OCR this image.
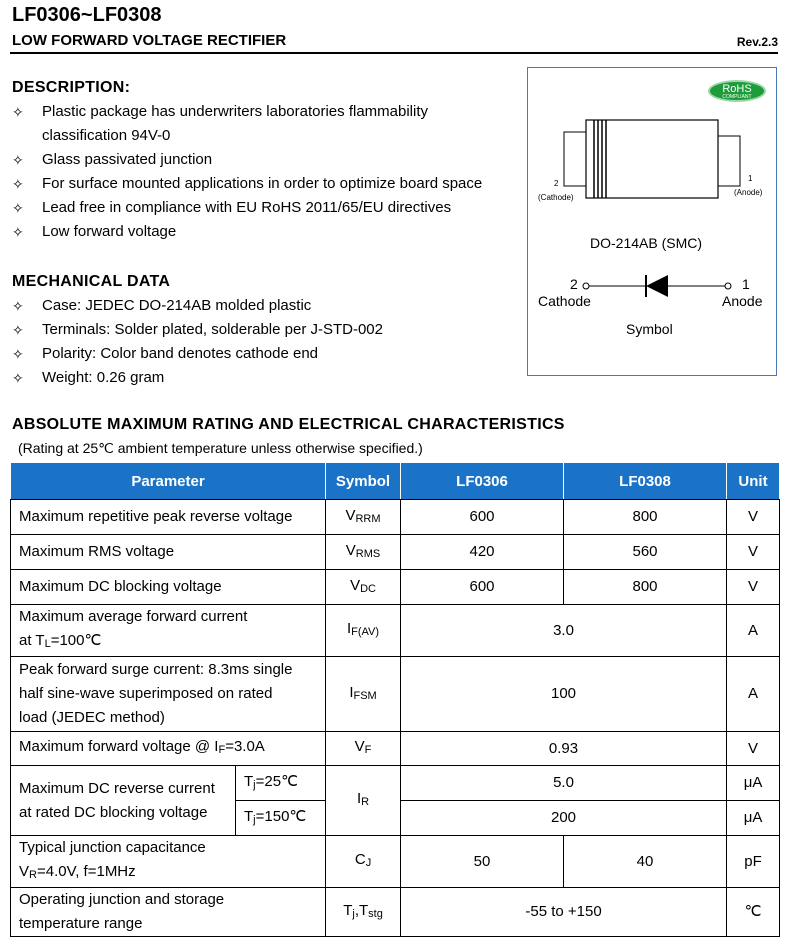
LF0306~LF0308
LOW FORWARD VOLTAGE RECTIFIER	Rev.2.3
DESCRIPTION:
✧ Plastic package has underwriters laboratories flammability
classification 94V-0
✧ Glass passivated junction
✧ For surface mounted applications in order to optimize board space
✧ Lead free in compliance with EU RoHS 2011/65/EU directives
✧ Low forward voltage
MECHANICAL DATA
✧ Case: JEDEC DO-214AB molded plastic
✧ Terminals: Solder plated, solderable per J-STD-002
✧ Polarity: Color band denotes cathode end
✧ Weight: 0.26 gram
RoHS
COMPLIANT
2
(Cathode)
1
(Anode)
DO-214AB (SMC)
2	1
Cathode	Anode
Symbol
ABSOLUTE MAXIMUM RATING AND ELECTRICAL CHARACTERISTICS
(Rating at 25℃ ambient temperature unless otherwise specified.)
Parameter		Symbol	LF0306	LF0308	Unit
Maximum repetitive peak reverse voltage		VRRM	600	800	V
Maximum RMS voltage		VRMS	420	560	V
Maximum DC blocking voltage		VDC	600	800	V

Maximum average forward current
at TL=100℃		IF(AV)	3.0		A

Peak forward surge current: 8.3ms single
half sine-wave superimposed on rated
load (JEDEC method)		IFSM	100		A
Maximum forward voltage @ IF=3.0A		VF	0.93		V

Maximum DC reverse current
at rated DC blocking voltage	Tj=25℃	IR	5.0		μA
	Tj=150℃		200		μA

Typical junction capacitance
VR=4.0V, f=1MHz		CJ	50	40	pF

Operating junction and storage
temperature range		Tj,Tstg	-55 to +150		℃
